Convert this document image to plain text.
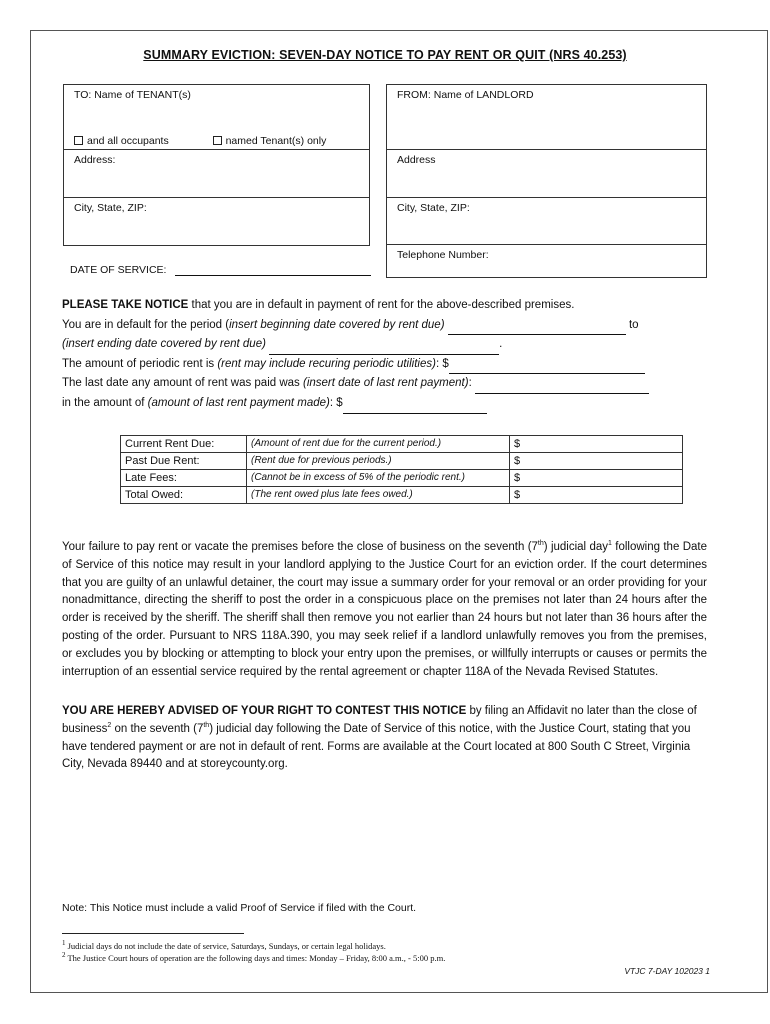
SUMMARY EVICTION: SEVEN-DAY NOTICE TO PAY RENT OR QUIT (NRS 40.253)
TO: Name of TENANT(s)
and all occupants	named Tenant(s) only
Address:
City, State, ZIP:
FROM: Name of LANDLORD
Address
City, State, ZIP:
Telephone Number:
DATE OF SERVICE:

PLEASE TAKE NOTICE that you are in default in payment of rent for the above-described premises.

You are in default for the period (insert beginning date covered by rent due)	to

(insert ending date covered by rent due)	.

The amount of periodic rent is (rent may include recuring periodic utilities): $

The last date any amount of rent was paid was (insert date of last rent payment):

in the amount of (amount of last rent payment made): $

Current Rent Due:	(Amount of rent due for the current period.)	$
Past Due Rent:	(Rent due for previous periods.)	$
Late Fees:	(Cannot be in excess of 5% of the periodic rent.)	$
Total Owed:	(The rent owed plus late fees owed.)	$
Your failure to pay rent or vacate the premises before the close of business on the seventh (7th) judicial day$^1$ following the Date of Service of this notice may result in your landlord applying to the Justice Court for an eviction order. If the court determines that you are guilty of an unlawful detainer, the court may issue a summary order for your removal or an order providing for your nonadmittance, directing the sheriff to post the order in a conspicuous place on the premises not later than 24 hours after the order is received by the sheriff. The sheriff shall then remove you not earlier than 24 hours but not later than 36 hours after the posting of the order. Pursuant to NRS 118A.390, you may seek relief if a landlord unlawfully removes you from the premises, or excludes you by blocking or attempting to block your entry upon the premises, or willfully interrupts or causes or permits the interruption of an essential service required by the rental agreement or chapter 118A of the Nevada Revised Statutes.
YOU ARE HEREBY ADVISED OF YOUR RIGHT TO CONTEST THIS NOTICE by filing an Affidavit no later than the close of business$^2$ on the seventh (7th) judicial day following the Date of Service of this notice, with the Justice Court, stating that you have tendered payment or are not in default of rent. Forms are available at the Court located at 800 South C Street, Virginia City, Nevada 89440 and at storeycounty.org.
Note: This Notice must include a valid Proof of Service if filed with the Court.
$^1$ Judicial days do not include the date of service, Saturdays, Sundays, or certain legal holidays.
$^2$ The Justice Court hours of operation are the following days and times: Monday – Friday, 8:00 a.m., - 5:00 p.m.
VTJC 7-DAY 102023 1
